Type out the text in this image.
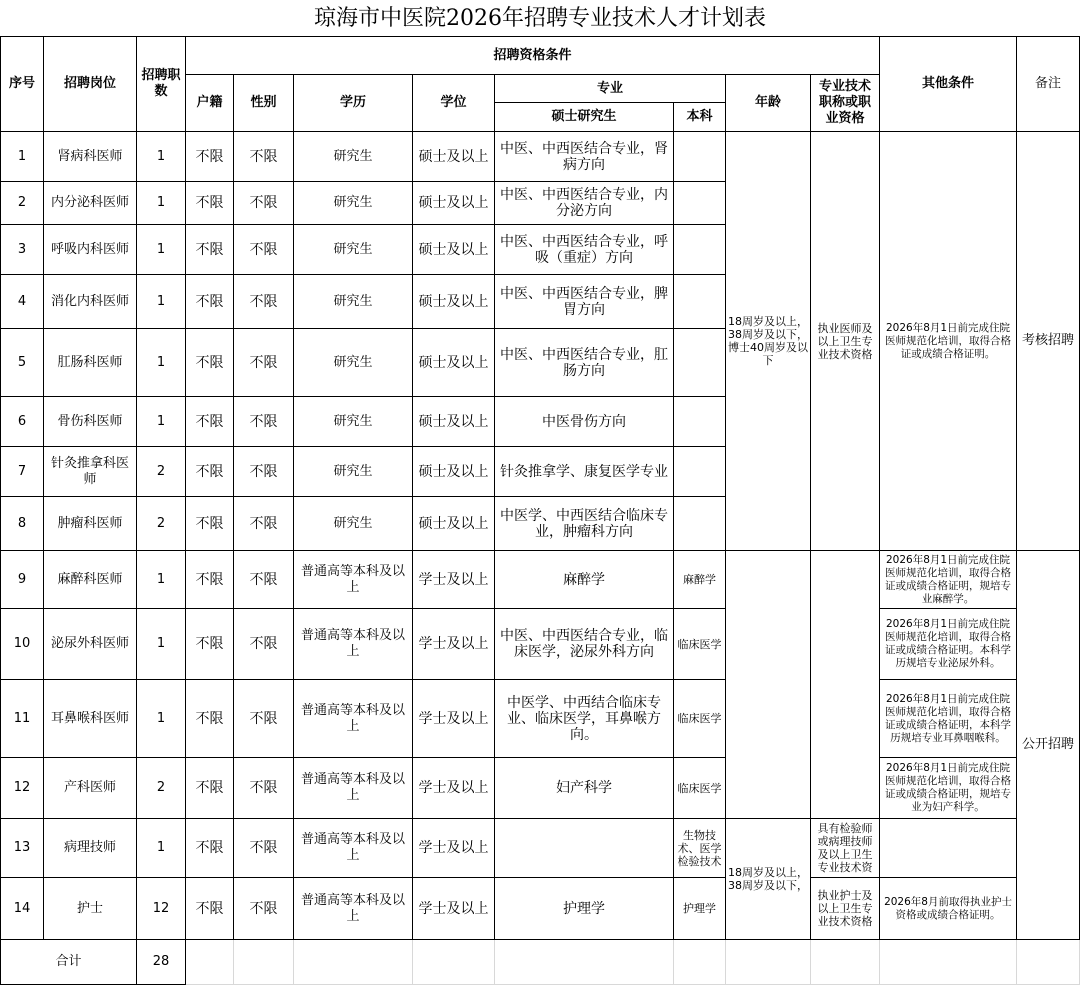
琼海市中医院2026年招聘专业技术人才计划表
序号	招聘岗位	招聘职数	招聘资格条件								其他条件	备注
			户籍	性别	学历	学位	专业		年龄	专业技术职称或职业资格		
							硕士研究生	本科				
1	肾病科医师	1	不限	不限	研究生	硕士及以上	中医、中西医结合专业，肾病方向		18周岁及以上，38周岁及以下，博士40周岁及以下	执业医师及以上卫生专业技术资格	2026年8月1日前完成住院医师规范化培训，取得合格证或成绩合格证明。	考核招聘
2	内分泌科医师	1	不限	不限	研究生	硕士及以上	中医、中西医结合专业，内分泌方向					
3	呼吸内科医师	1	不限	不限	研究生	硕士及以上	中医、中西医结合专业，呼吸（重症）方向					
4	消化内科医师	1	不限	不限	研究生	硕士及以上	中医、中西医结合专业，脾胃方向					
5	肛肠科医师	1	不限	不限	研究生	硕士及以上	中医、中西医结合专业，肛肠方向					
6	骨伤科医师	1	不限	不限	研究生	硕士及以上	中医骨伤方向					
7	针灸推拿科医师	2	不限	不限	研究生	硕士及以上	针灸推拿学、康复医学专业					
8	肿瘤科医师	2	不限	不限	研究生	硕士及以上	中医学、中西医结合临床专业，肿瘤科方向					
9	麻醉科医师	1	不限	不限	普通高等本科及以上	学士及以上	麻醉学	麻醉学			2026年8月1日前完成住院医师规范化培训，取得合格证或成绩合格证明，规培专业麻醉学。	公开招聘
10	泌尿外科医师	1	不限	不限	普通高等本科及以上	学士及以上	中医、中西医结合专业，临床医学，泌尿外科方向	临床医学			2026年8月1日前完成住院医师规范化培训，取得合格证或成绩合格证明。本科学历规培专业泌尿外科。	
11	耳鼻喉科医师	1	不限	不限	普通高等本科及以上	学士及以上	中医学、中西结合临床专业、临床医学，耳鼻喉方向。	临床医学			2026年8月1日前完成住院医师规范化培训，取得合格证或成绩合格证明，本科学历规培专业耳鼻咽喉科。	
12	产科医师	2	不限	不限	普通高等本科及以上	学士及以上	妇产科学	临床医学			2026年8月1日前完成住院医师规范化培训，取得合格证或成绩合格证明，规培专业为妇产科学。	
13	病理技师	1	不限	不限	普通高等本科及以上	学士及以上		生物技术、医学检验技术	18周岁及以上，38周岁及以下，	具有检验师或病理技师及以上卫生专业技术资		
14	护士	12	不限	不限	普通高等本科及以上	学士及以上	护理学	护理学		执业护士及以上卫生专业技术资格	2026年8月前取得执业护士资格或成绩合格证明。	
合计		28										
